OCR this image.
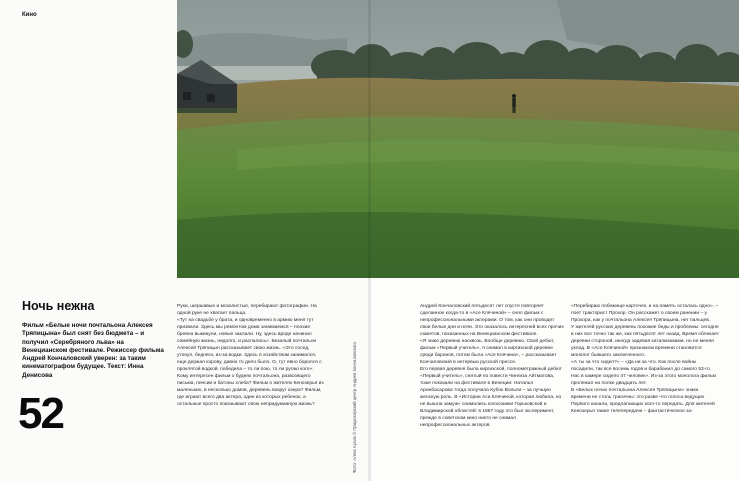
Кино
Ночь нежна

Фильм «Белые ночи почтальона Алексея Тряпицына» был снят без бюджета – и получил «Серебряного льва» на Венецианском фестивале. Режиссер фильма Андрей Кончаловский уверен: за таким кинематографом будущее. Текст: Инна Денисова

52

Руки, шершавые и мозолистые, перебирают фотографии. На одной руке не хватает пальца.

«Тут на свадьбе у брата, и одновременно в армию меня тут призвали. Здесь мы ремонтом дома занимаемся – плохие бревна выкинули, новые заклали. Ну, здесь вроде начинал семейную жизнь, недолго, и распалась». Безалый почтальон Алексей Тряпицын рассказывает свою жизнь. «Это сосед, утонул, бедняга, из-за водки. Здесь я хозяйством занимался, еще держал корову, давно то дело было. О, тут явно боролся с проклятой водкой, победила – то ли пою, то ли ругаю кого».

Кому интересен фильм о буднях почтальона, развозящего письма, пенсии и батоны хлеба? Фильм о жителях Кенозерья из маленьких, в несколько домов, деревень вокруг озера? Фильм, где играют всего два актера, один из которых ребенок, а остальные просто показывают свою непридуманную жизнь?	Фото: Алекс Кусов © Продюсерский центр Андрея Кончаловского

Андрей Кончаловский пятьдесят лет спустя повторяет сделанное когда-то в «Асе Клячиной» – снял фильм с непрофессиональными актерами. О том, как они проводят свои белые дни и ночи. Это оказалось интересней всех прочих сюжетов, показанных на Венецианском фестивале.

«Я знаю деревню насквозь. Вообще деревню. Свой дебют, фильм «Первый учитель», я снимал в киргизской деревне среди баранов, потом была «Ася Клячина», – рассказывает Кончаловский в интервью русской прессе.

Его первая деревня была киргизской, полнометражный дебют «Первый учитель», снятый по повести Чингиза Айтматова, тоже показали на фестивале в Венеции: Наталья Аринбасарова тогда получила Кубок Вольпи – за лучшую женскую роль. В «Истории Аси Клячиной, которая любила, но не вышла замуж» снимались колхозники Горьковской и Владимирской областей: в 1967 году это был эксперимент, прежде в советском кино никто не снимал непрофессиональных актеров.

«Перебираю побежище карточек, и на память осталась одно», – поет тракторист Прохор. Он расскажет о своем ранении – у Прохора, как у почтальона Алексея Тряпицына, нет пальцев.

У жителей русских деревень похожие беды и проблемы: сегодня в них все точно так же, как пятьдесят лет назад. Время облекает деревни стороной, иногда задевая каталкизмами, но не меняя уклад. В «Асе Клячиной» признаком времени становится монолог бывшего заключенного.

«А ты за что сидел?» – «Да ни за что. Как после войны посадили, так все восемь годов и барабанил до самого 53-го. Нас в камере сидело 47 человек». Из-за этого монолога фильм пролежал на полке двадцать лет.

В «Белых ночах почтальона Алексея Тряпицына» знаки времени не столь трагичны: это разве что голоса ведущих Первого канала, предлагающих кого-то передать. Для жителей Кенозерья также телепередачи – фантастическое за-
